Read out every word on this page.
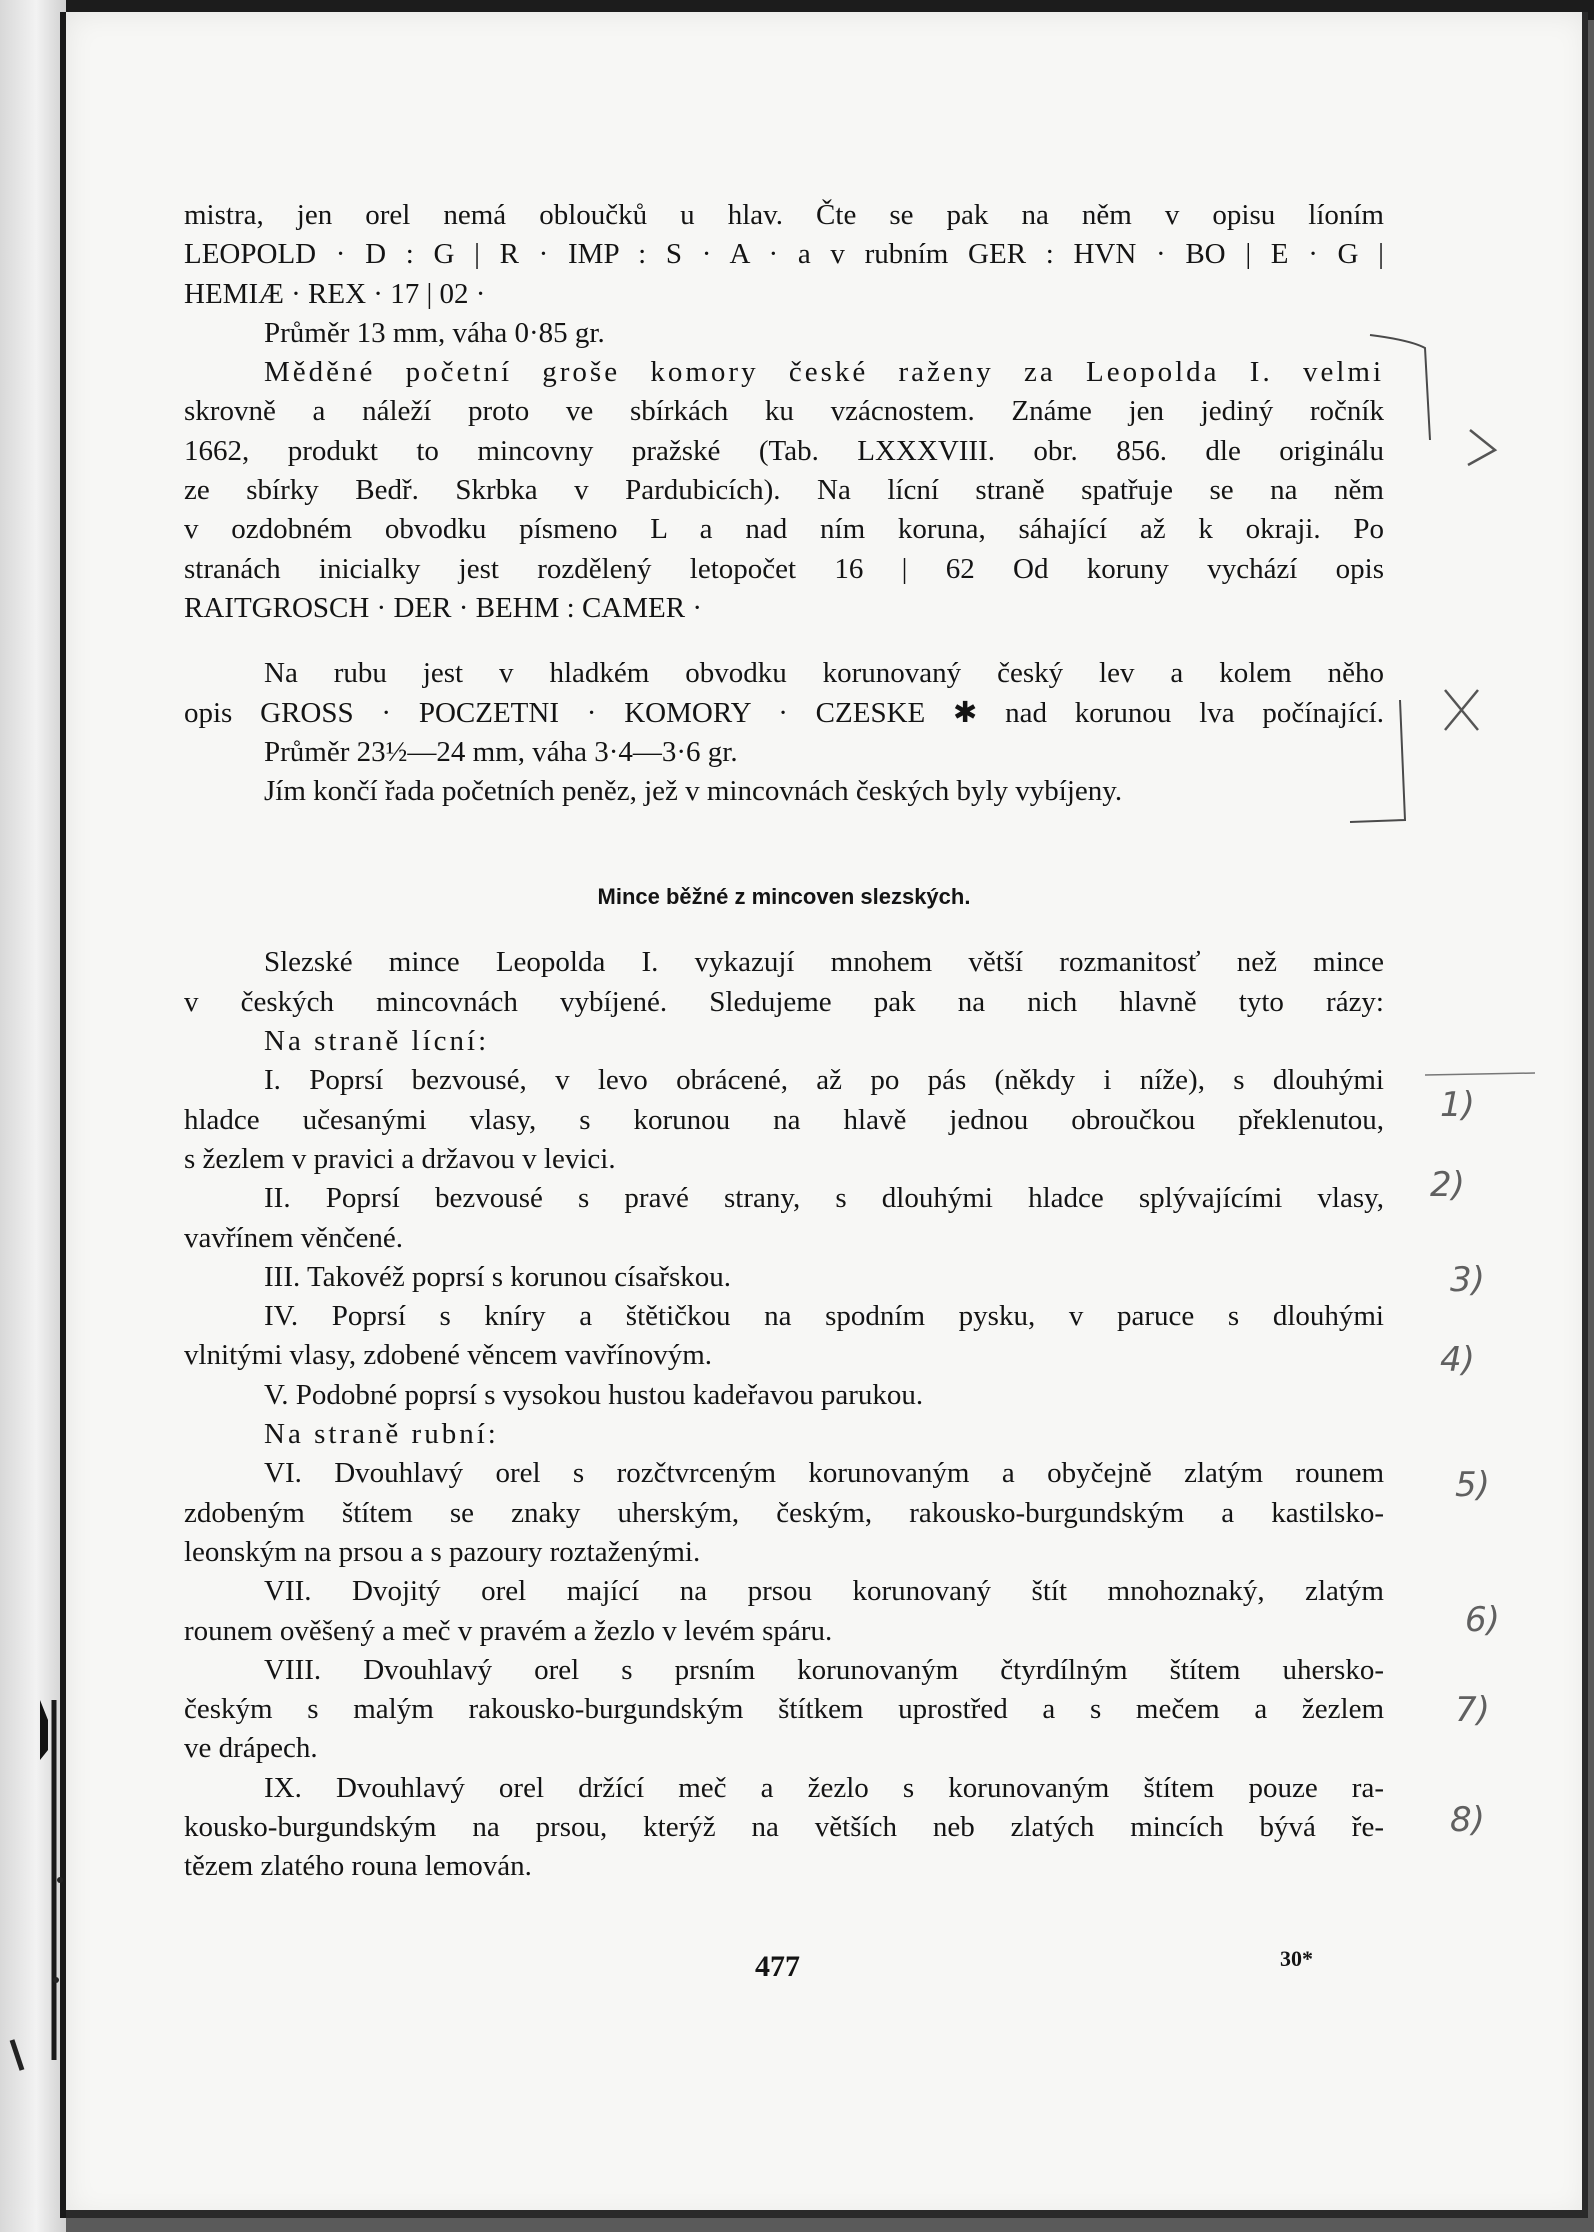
mistra, jen orel nemá obloučků u hlav. Čte se pak na něm v opisu líoním
LEOPOLD · D : G | R · IMP : S · A · a v rubním GER : HVN · BO | E · G |
HEMIÆ · REX · 17 | 02 ·
Průměr 13 mm, váha 0·85 gr.
Měděné početní groše komory české raženy za Leopolda I. velmi
skrovně a náleží proto ve sbírkách ku vzácnostem. Známe jen jediný ročník
1662, produkt to mincovny pražské (Tab. LXXXVIII. obr. 856. dle originálu
ze sbírky Bedř. Skrbka v Pardubicích). Na lícní straně spatřuje se na něm
v ozdobném obvodku písmeno L a nad ním koruna, sáhající až k okraji. Po
stranách inicialky jest rozdělený letopočet 16 | 62 Od koruny vychází opis
RAITGROSCH · DER · BEHM : CAMER ·
Na rubu jest v hladkém obvodku korunovaný český lev a kolem něho
opis GROSS · POCZETNI · KOMORY · CZESKE ✱ nad korunou lva počínající.
Průměr 23½—24 mm, váha 3·4—3·6 gr.
Jím končí řada početních peněz, jež v mincovnách českých byly vybíjeny.
Mince běžné z mincoven slezských.
Slezské mince Leopolda I. vykazují mnohem větší rozmanitosť než mince
v českých mincovnách vybíjené. Sledujeme pak na nich hlavně tyto rázy:
Na straně lícní:
I. Poprsí bezvousé, v levo obrácené, až po pás (někdy i níže), s dlouhými
hladce učesanými vlasy, s korunou na hlavě jednou obroučkou překlenutou,
s žezlem v pravici a državou v levici.
II. Poprsí bezvousé s pravé strany, s dlouhými hladce splývajícími vlasy,
vavřínem věnčené.
III. Takovéž poprsí s korunou císařskou.
IV. Poprsí s kníry a štětičkou na spodním pysku, v paruce s dlouhými
vlnitými vlasy, zdobené věncem vavřínovým.
V. Podobné poprsí s vysokou hustou kadeřavou parukou.
Na straně rubní:
VI. Dvouhlavý orel s rozčtvrceným korunovaným a obyčejně zlatým rounem
zdobeným štítem se znaky uherským, českým, rakousko-burgundským a kastilsko-
leonským na prsou a s pazoury roztaženými.
VII. Dvojitý orel mající na prsou korunovaný štít mnohoznaký, zlatým
rounem ověšený a meč v pravém a žezlo v levém spáru.
VIII. Dvouhlavý orel s prsním korunovaným čtyrdílným štítem uhersko-
českým s malým rakousko-burgundským štítkem uprostřed a s mečem a žezlem
ve drápech.
IX. Dvouhlavý orel držící meč a žezlo s korunovaným štítem pouze ra-
kousko-burgundským na prsou, kterýž na větších neb zlatých mincích bývá ře-
tězem zlatého rouna lemován.
477	30*
1)
2)
3)
4)
5)
6)
7)
8)
